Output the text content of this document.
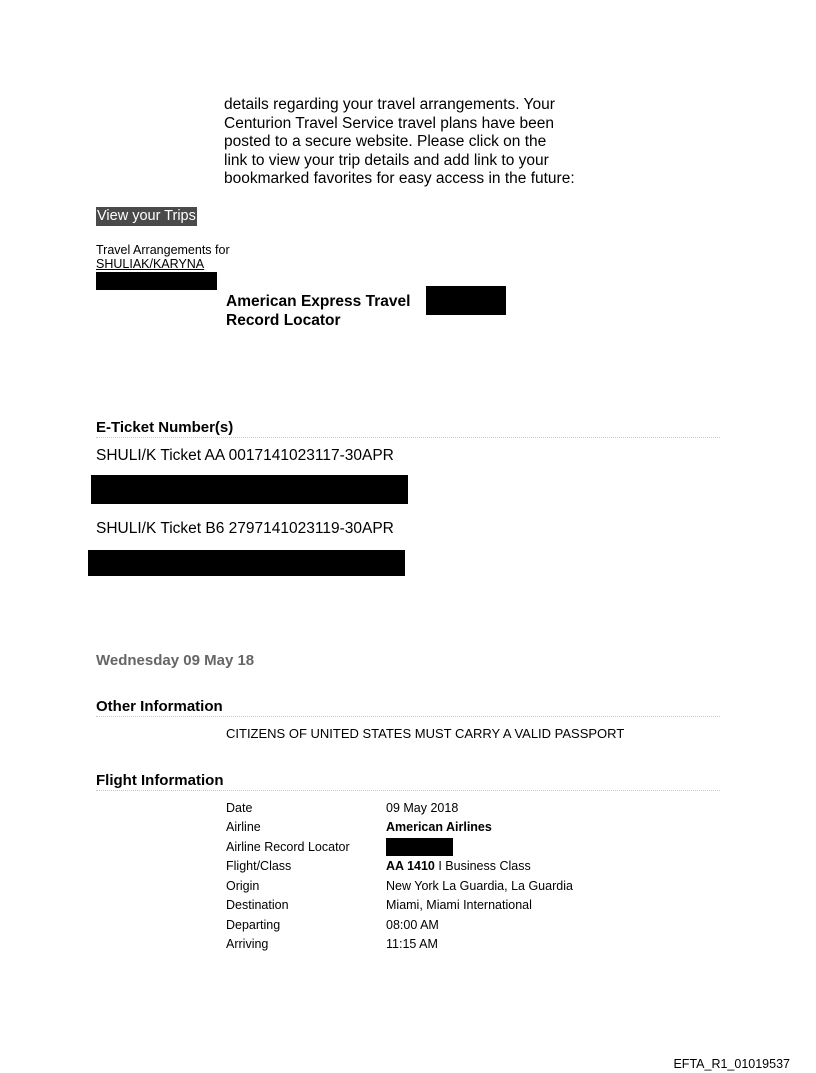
details regarding your travel arrangements. Your
Centurion Travel Service travel plans have been
posted to a secure website. Please click on the
link to view your trip details and add link to your
bookmarked favorites for easy access in the future:
View your Trips
Travel Arrangements for
SHULIAK/KARYNA
American Express Travel
Record Locator
E-Ticket Number(s)
SHULI/K Ticket AA 0017141023117-30APR
SHULI/K Ticket B6 2797141023119-30APR
Wednesday 09 May 18
Other Information
CITIZENS OF UNITED STATES MUST CARRY A VALID PASSPORT
Flight Information
Date	09 May 2018
Airline	American Airlines
Airline Record Locator	

Flight/Class	AA 1410 I Business Class
Origin	New York La Guardia, La Guardia
Destination	Miami, Miami International
Departing	08:00 AM
Arriving	11:15 AM
EFTA_R1_01019537
